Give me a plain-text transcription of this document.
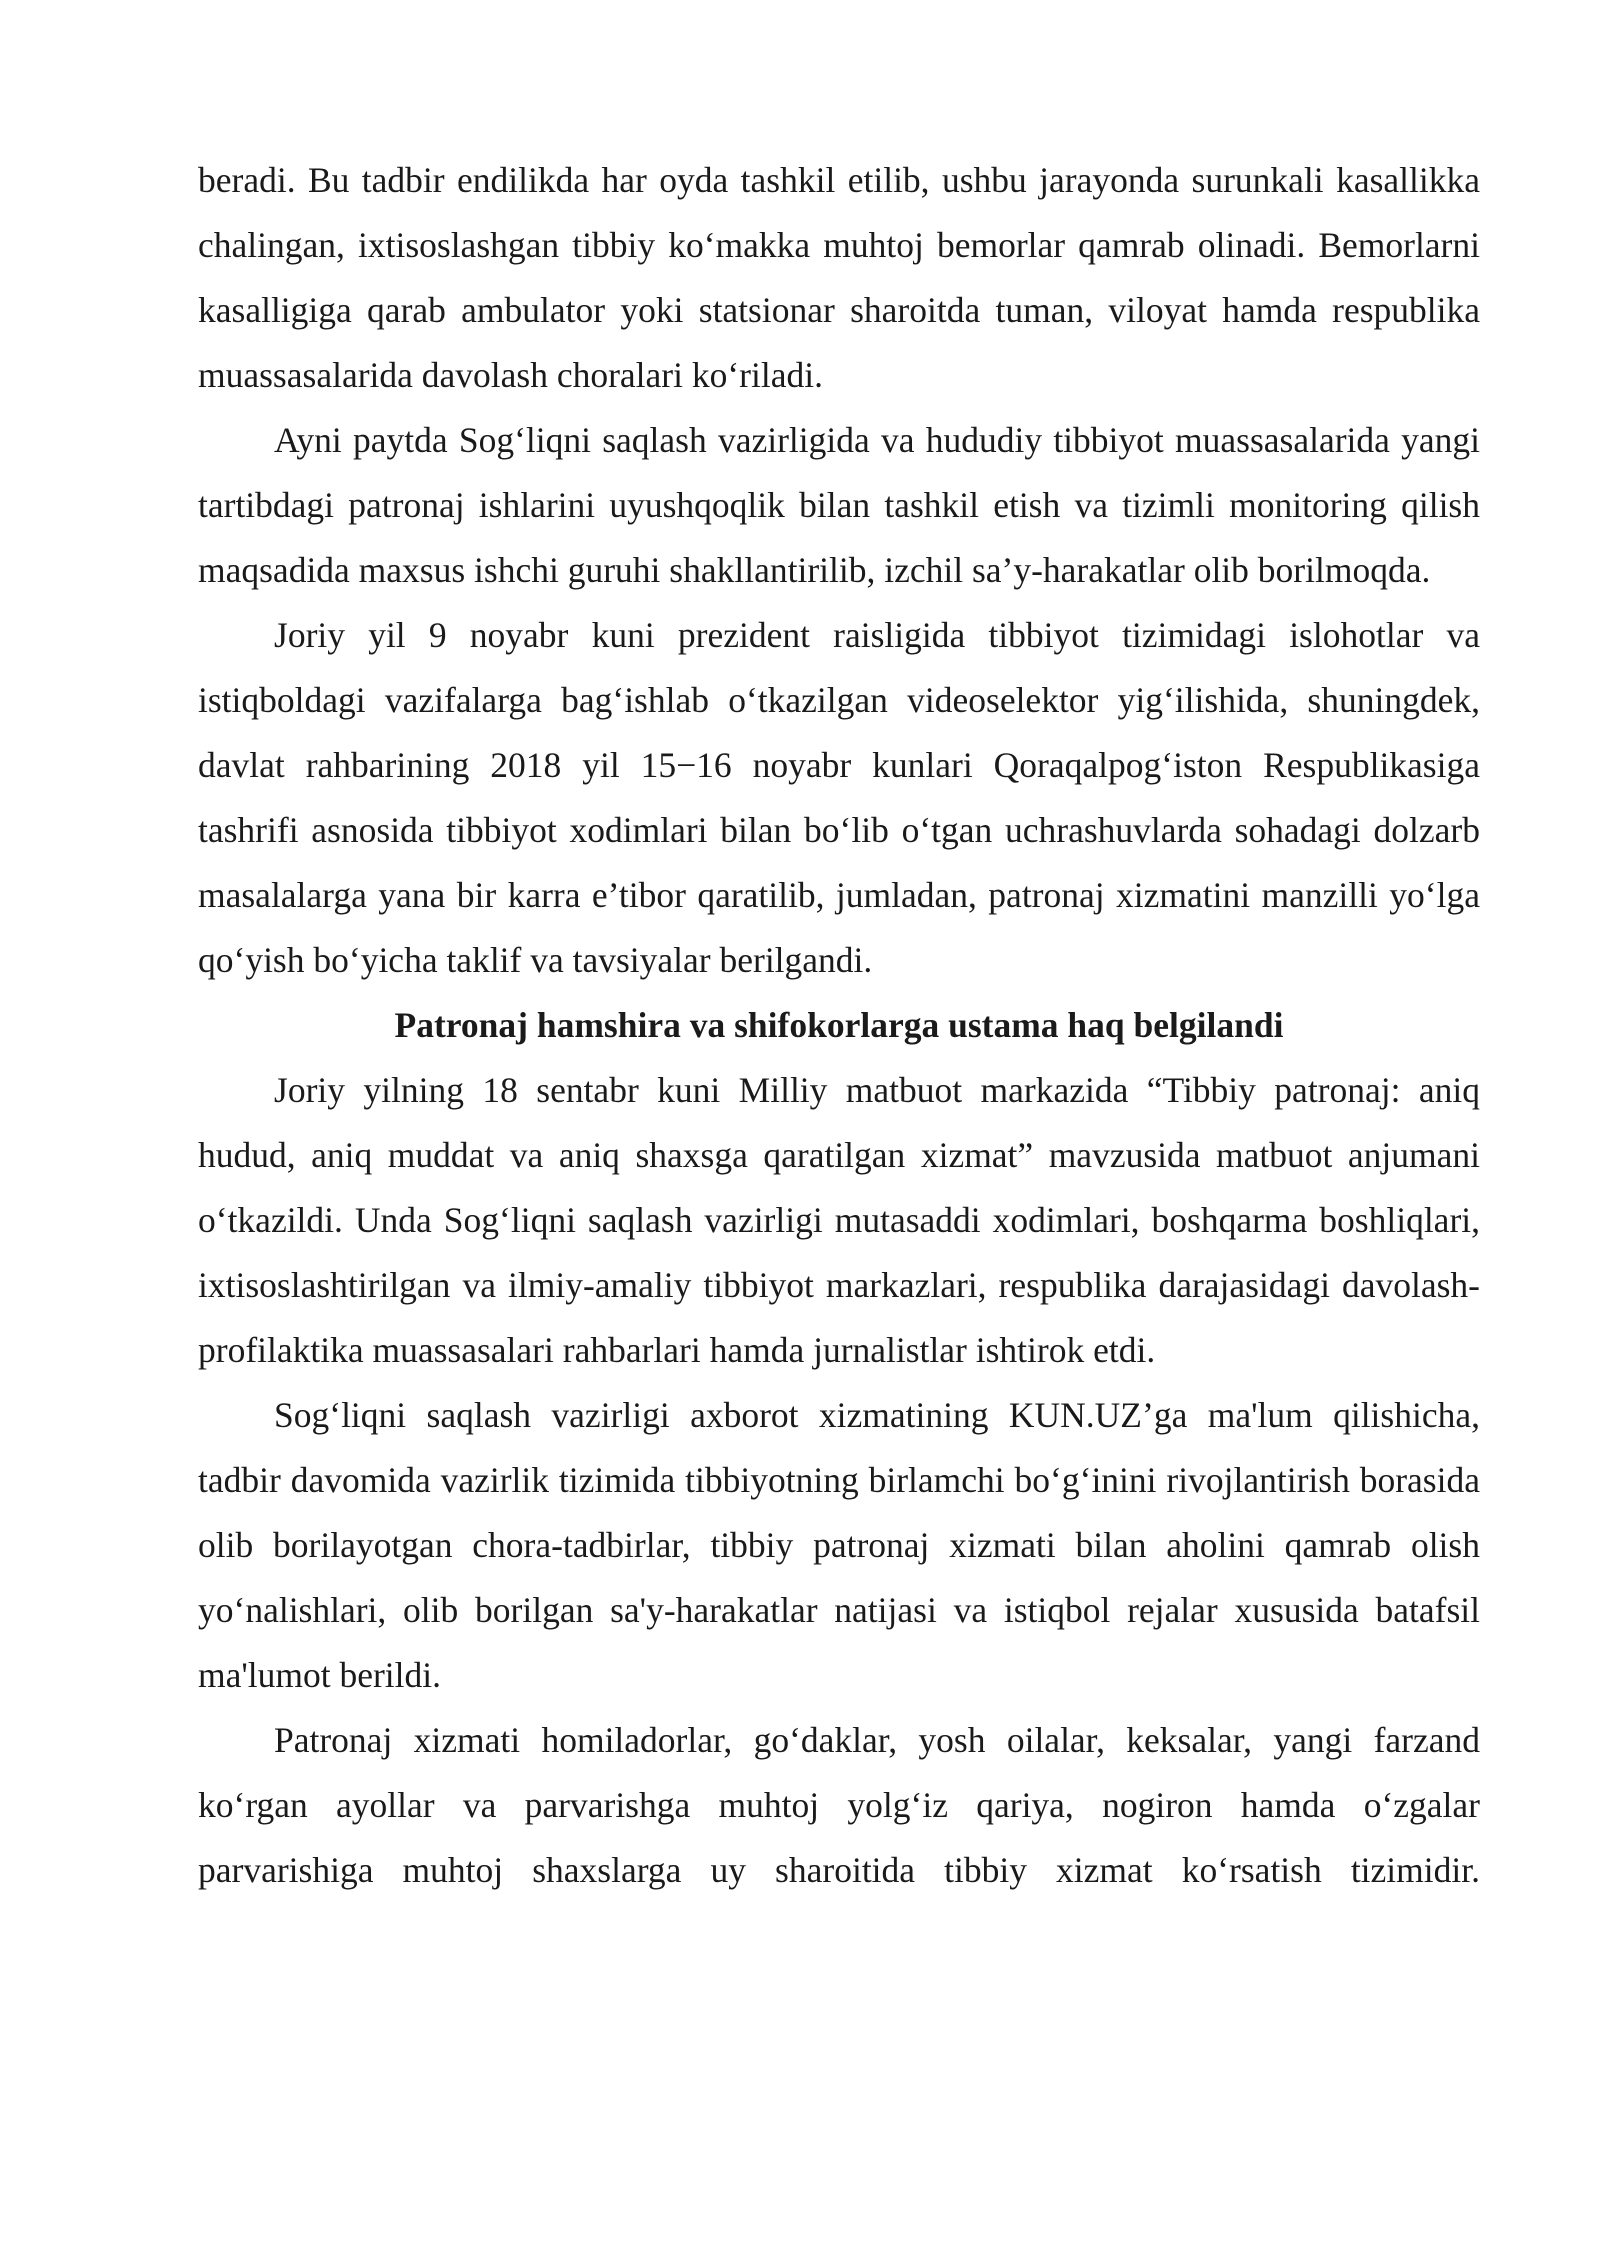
beradi. Bu tadbir endilikda har oyda tashkil etilib, ushbu jarayonda surunkali kasallikka chalingan, ixtisoslashgan tibbiy ko‘makka muhtoj bemorlar qamrab olinadi. Bemorlarni kasalligiga qarab ambulator yoki statsionar sharoitda tuman, viloyat hamda respublika muassasalarida davolash choralari ko‘riladi.

Ayni paytda Sog‘liqni saqlash vazirligida va hududiy tibbiyot muassasalarida yangi tartibdagi patronaj ishlarini uyushqoqlik bilan tashkil etish va tizimli monitoring qilish maqsadida maxsus ishchi guruhi shakllantirilib, izchil sa’y-harakatlar olib borilmoqda.

Joriy yil 9 noyabr kuni prezident raisligida tibbiyot tizimidagi islohotlar va istiqboldagi vazifalarga bag‘ishlab o‘tkazilgan videoselektor yig‘ilishida, shuningdek, davlat rahbarining 2018 yil 15−16 noyabr kunlari Qoraqalpog‘iston Respublikasiga tashrifi asnosida tibbiyot xodimlari bilan bo‘lib o‘tgan uchrashuvlarda sohadagi dolzarb masalalarga yana bir karra e’tibor qaratilib, jumladan, patronaj xizmatini manzilli yo‘lga qo‘yish bo‘yicha taklif va tavsiyalar berilgandi.

Patronaj hamshira va shifokorlarga ustama haq belgilandi

Joriy yilning 18 sentabr kuni Milliy matbuot markazida “Tibbiy patronaj: aniq hudud, aniq muddat va aniq shaxsga qaratilgan xizmat” mavzusida matbuot anjumani o‘tkazildi. Unda Sog‘liqni saqlash vazirligi mutasaddi xodimlari, boshqarma boshliqlari, ixtisoslashtirilgan va ilmiy-amaliy tibbiyot markazlari, respublika darajasidagi davolash-profilaktika muassasalari rahbarlari hamda jurnalistlar ishtirok etdi.

Sog‘liqni saqlash vazirligi axborot xizmatining KUN.UZ’ga ma'lum qilishicha, tadbir davomida vazirlik tizimida tibbiyotning birlamchi bo‘g‘inini rivojlantirish borasida olib borilayotgan chora-tadbirlar, tibbiy patronaj xizmati bilan aholini qamrab olish yo‘nalishlari, olib borilgan sa'y-harakatlar natijasi va istiqbol rejalar xususida batafsil ma'lumot berildi.

Patronaj xizmati homiladorlar, go‘daklar, yosh oilalar, keksalar, yangi farzand ko‘rgan ayollar va parvarishga muhtoj yolg‘iz qariya, nogiron hamda o‘zgalar parvarishiga muhtoj shaxslarga uy sharoitida tibbiy xizmat ko‘rsatish tizimidir.
